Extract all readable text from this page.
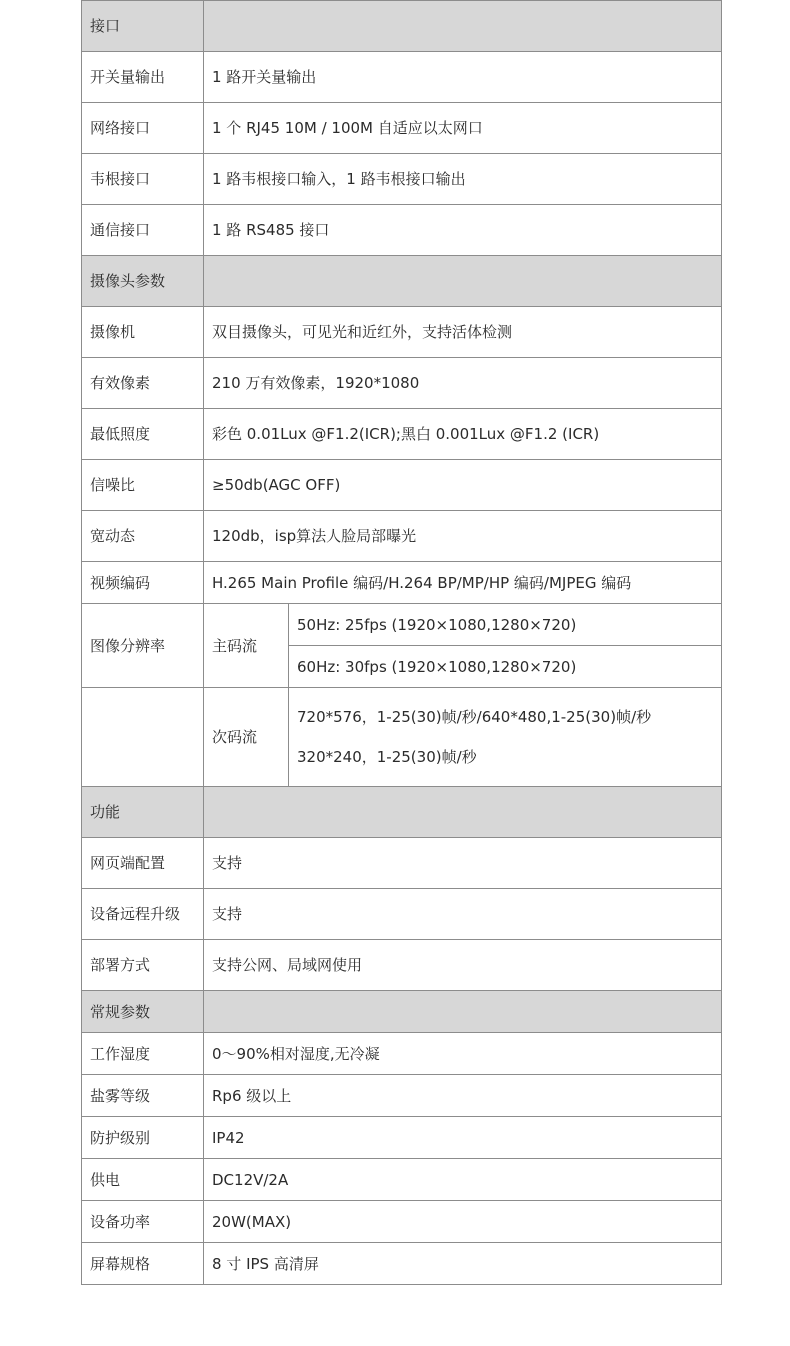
接口		
开关量输出	1 路开关量输出	
网络接口	1 个 RJ45 10M / 100M 自适应以太网口	
韦根接口	1 路韦根接口输入，1 路韦根接口输出	
通信接口	1 路 RS485 接口	
摄像头参数		
摄像机	双目摄像头，可见光和近红外，支持活体检测	
有效像素	210 万有效像素，1920*1080	
最低照度	彩色 0.01Lux @F1.2(ICR);黑白 0.001Lux @F1.2 (ICR)	
信噪比	≥50db(AGC OFF)	
宽动态	120db，isp算法人脸局部曝光	
视频编码	H.265 Main Profile 编码/H.264 BP/MP/HP 编码/MJPEG 编码	
图像分辨率	主码流	50Hz: 25fps (1920×1080,1280×720)
		60Hz: 30fps (1920×1080,1280×720)
	次码流	720*576，1-25(30)帧/秒/640*480,1-25(30)帧/秒
320*240，1-25(30)帧/秒

功能		
网页端配置	支持	
设备远程升级	支持	
部署方式	支持公网、局域网使用	
常规参数		
工作湿度	0～90%相对湿度,无冷凝	
盐雾等级	Rp6 级以上	
防护级别	IP42	
供电	DC12V/2A	
设备功率	20W(MAX)	
屏幕规格	8 寸 IPS 高清屏	
